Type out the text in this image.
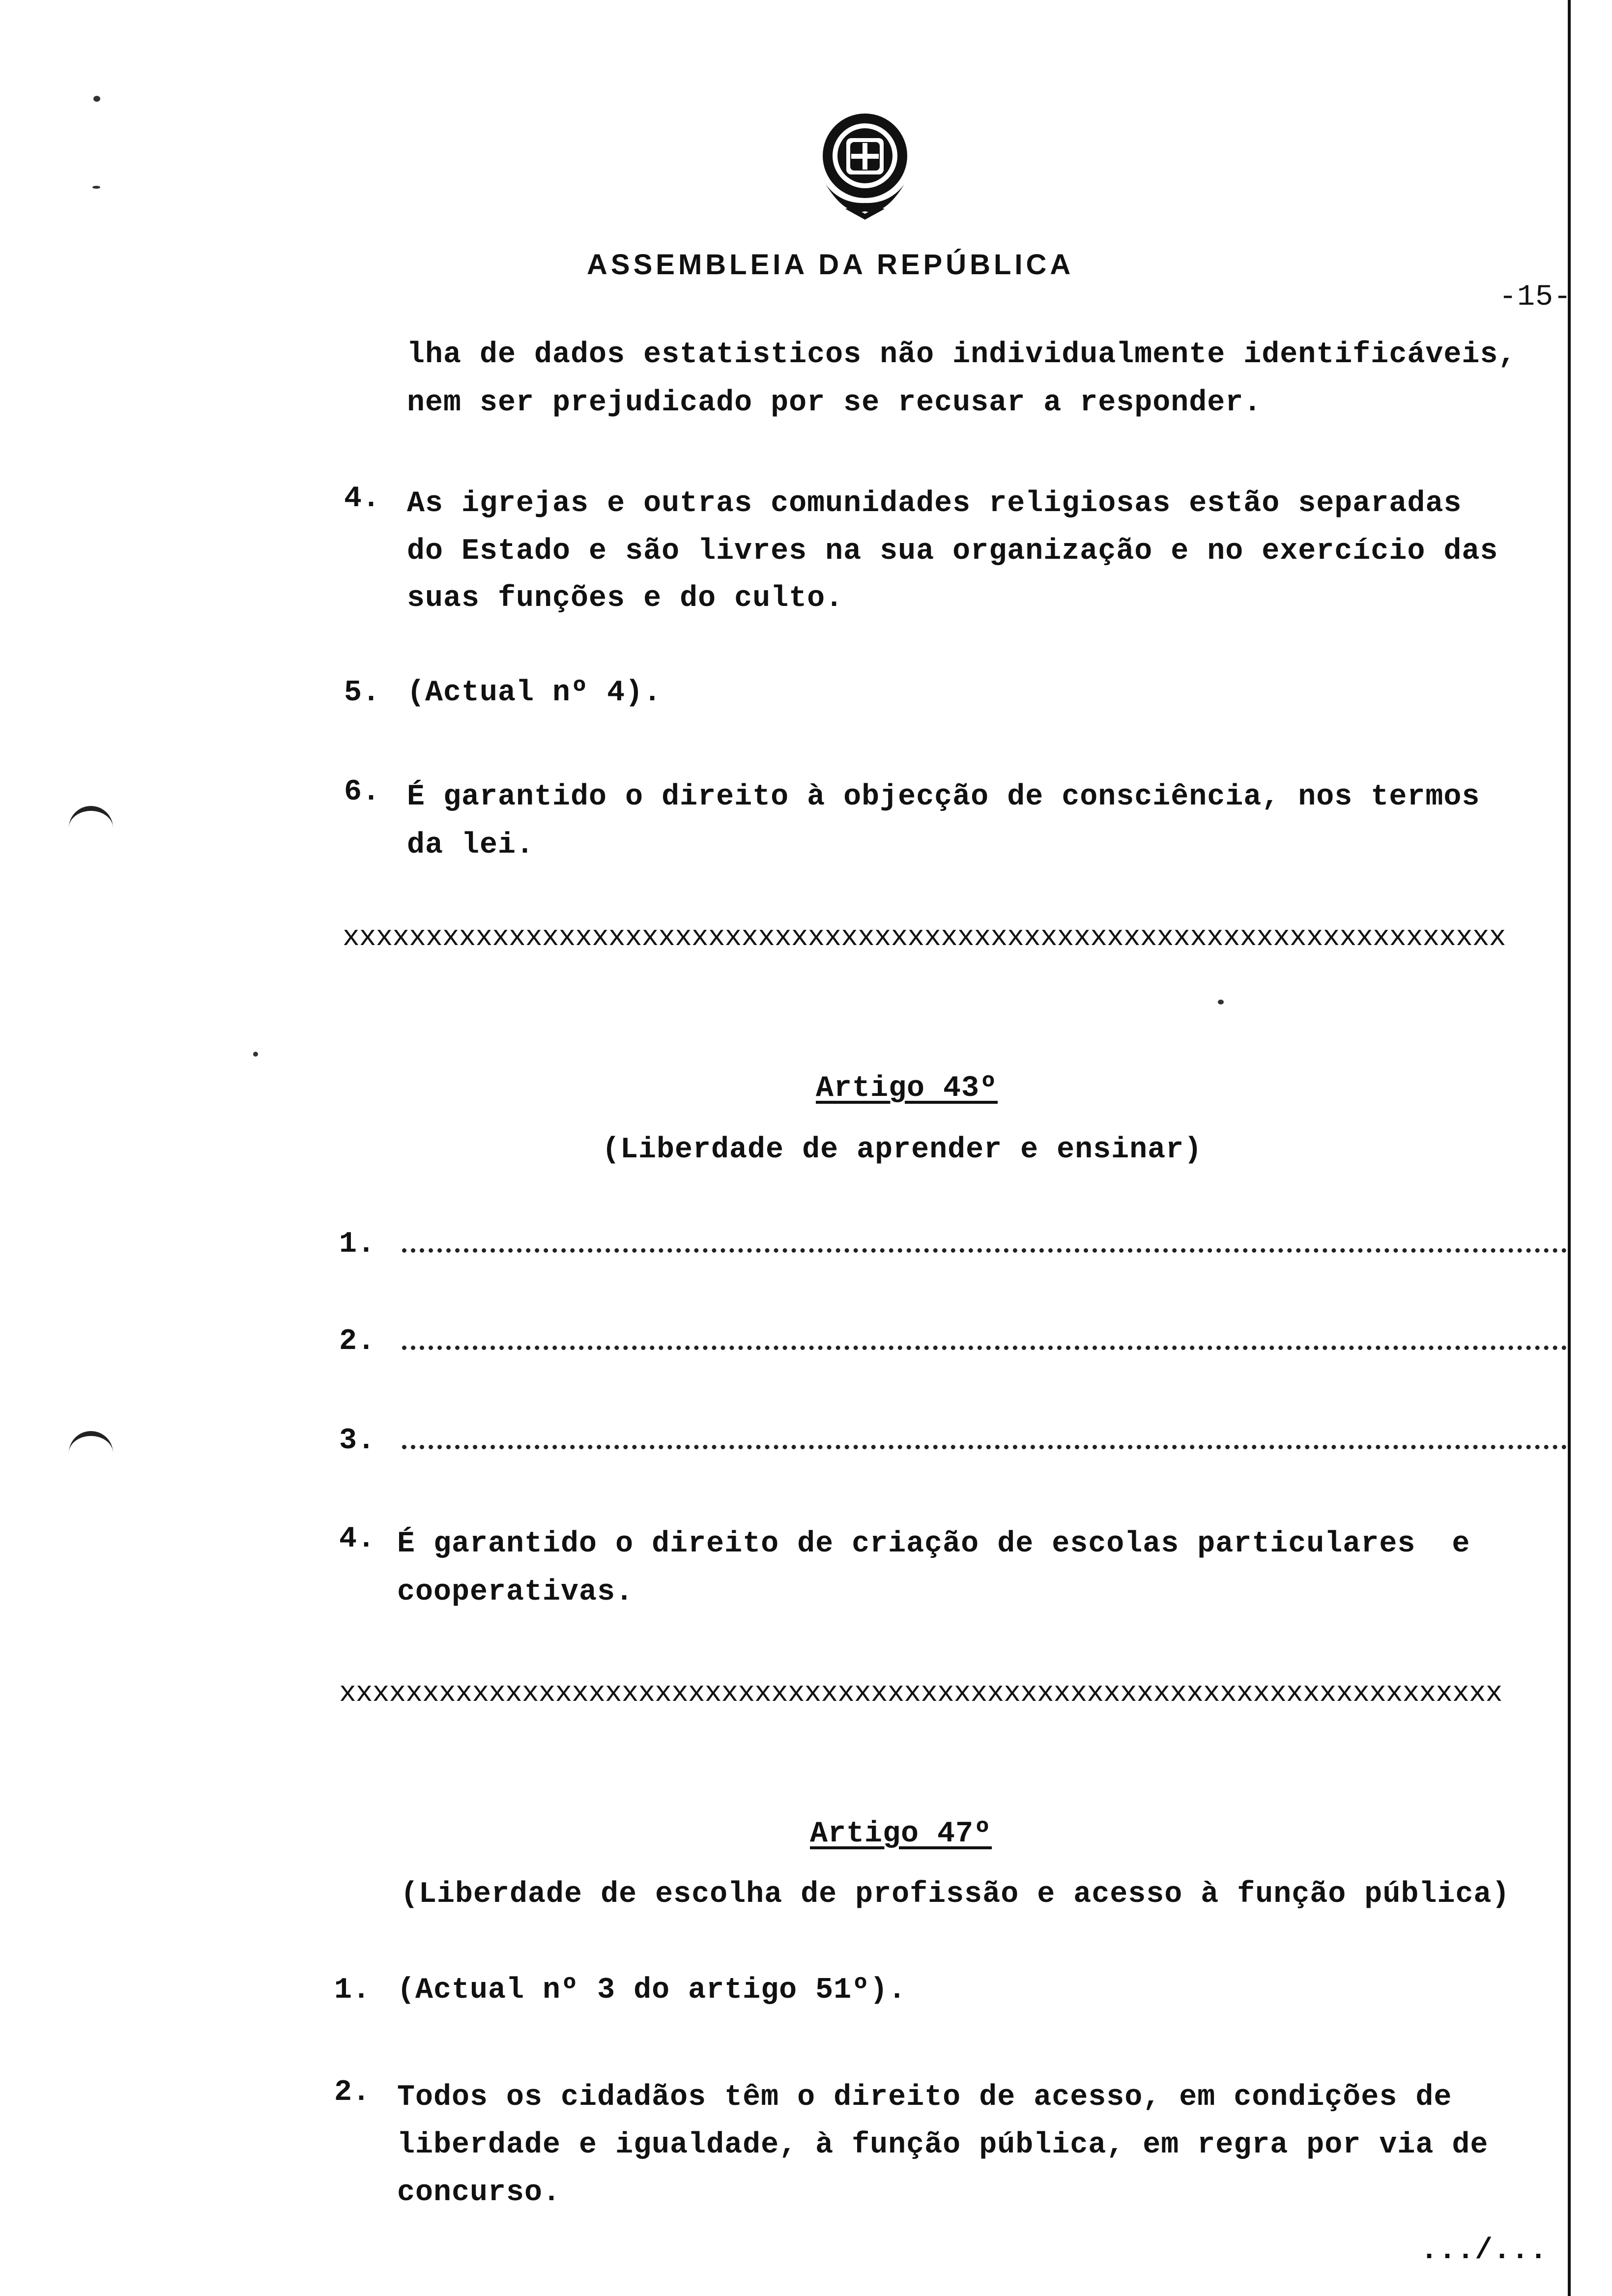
ASSEMBLEIA DA REPÚBLICA
-15-
lha de dados estatisticos não individualmente identificáveis,
nem ser prejudicado por se recusar a responder.
4. As igrejas e outras comunidades religiosas estão separadas
do Estado e são livres na sua organização e no exercício das
suas funções e do culto.
5. (Actual nº 4).
6. É garantido o direito à objecção de consciência, nos termos
da lei.
xxxxxxxxxxxxxxxxxxxxxxxxxxxxxxxxxxxxxxxxxxxxxxxxxxxxxxxxxxxxxxxxxxxxxx
Artigo 43º
(Liberdade de aprender e ensinar)
1.
2.
3.
4. É garantido o direito de criação de escolas particulares  e
cooperativas.
xxxxxxxxxxxxxxxxxxxxxxxxxxxxxxxxxxxxxxxxxxxxxxxxxxxxxxxxxxxxxxxxxxxxxx
Artigo 47º
(Liberdade de escolha de profissão e acesso à função pública)
1. (Actual nº 3 do artigo 51º).
2. Todos os cidadãos têm o direito de acesso, em condições de
liberdade e igualdade, à função pública, em regra por via de
concurso.
.../...
